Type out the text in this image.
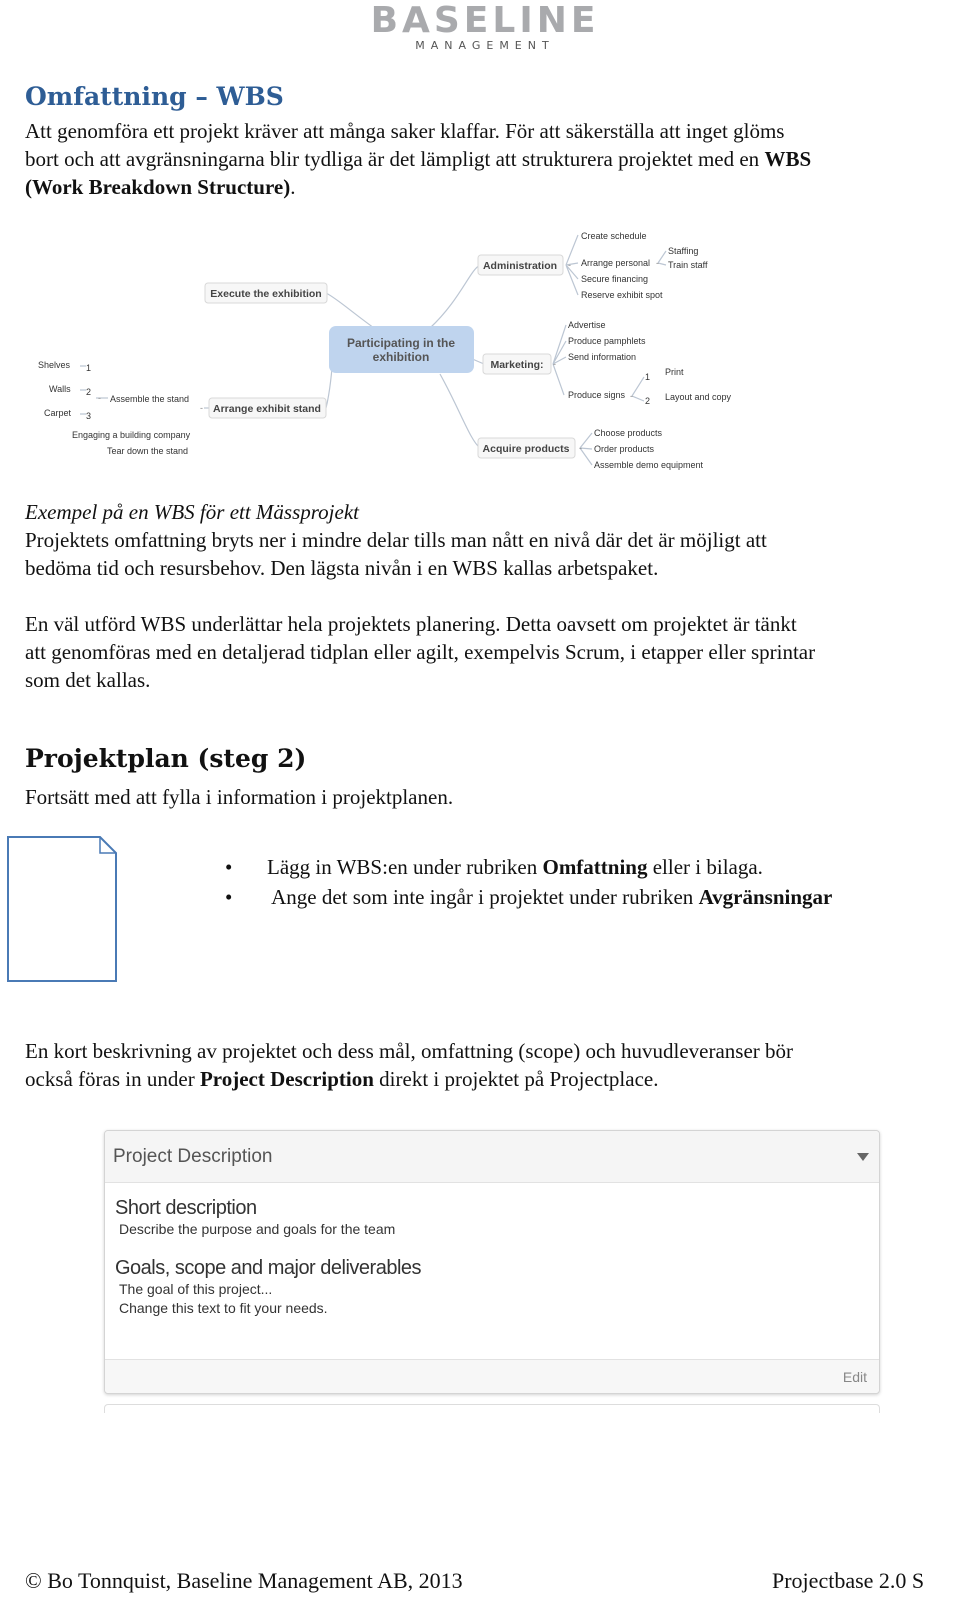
BASELINE
MANAGEMENT
Omfattning – WBS
Att genomföra ett projekt kräver att många saker klaffar. För att säkerställa att inget glöms
bort och att avgränsningarna blir tydliga är det lämpligt att strukturera projektet med en WBS
(Work Breakdown Structure).
Participating in the
exhibition
Execute the exhibition
Administration -
Create schedule
Arrange personal
Secure financing
Reserve exhibit spot
-
Staffing
Train staff
Marketing: -
Advertise
Produce pamphlets
Send information
Produce signs -
1
2
Print
Layout and copy
Acquire products -
Choose products
Order products
Assemble demo equipment
Arrange exhibit stand
-
Assemble the stand
-
Shelves
Walls
Carpet
1
2
3
Engaging a building company
Tear down the stand
Exempel på en WBS för ett Mässprojekt
Projektets omfattning bryts ner i mindre delar tills man nått en nivå där det är möjligt att
bedöma tid och resursbehov. Den lägsta nivån i en WBS kallas arbetspaket.
En väl utförd WBS underlättar hela projektets planering. Detta oavsett om projektet är tänkt
att genomföras med en detaljerad tidplan eller agilt, exempelvis Scrum, i etapper eller sprintar
som det kallas.
Projektplan (steg 2)
Fortsätt med att fylla i information i projektplanen.
•	Lägg in WBS:en under rubriken Omfattning eller i bilaga.
•	Ange det som inte ingår i projektet under rubriken Avgränsningar
En kort beskrivning av projektet och dess mål, omfattning (scope) och huvudleveranser bör
också föras in under Project Description direkt i projektet på Projectplace.
Project Description
Short description
Describe the purpose and goals for the team
Goals, scope and major deliverables
The goal of this project...
Change this text to fit your needs.
Edit
© Bo Tonnquist, Baseline Management AB, 2013	Projectbase 2.0 S
